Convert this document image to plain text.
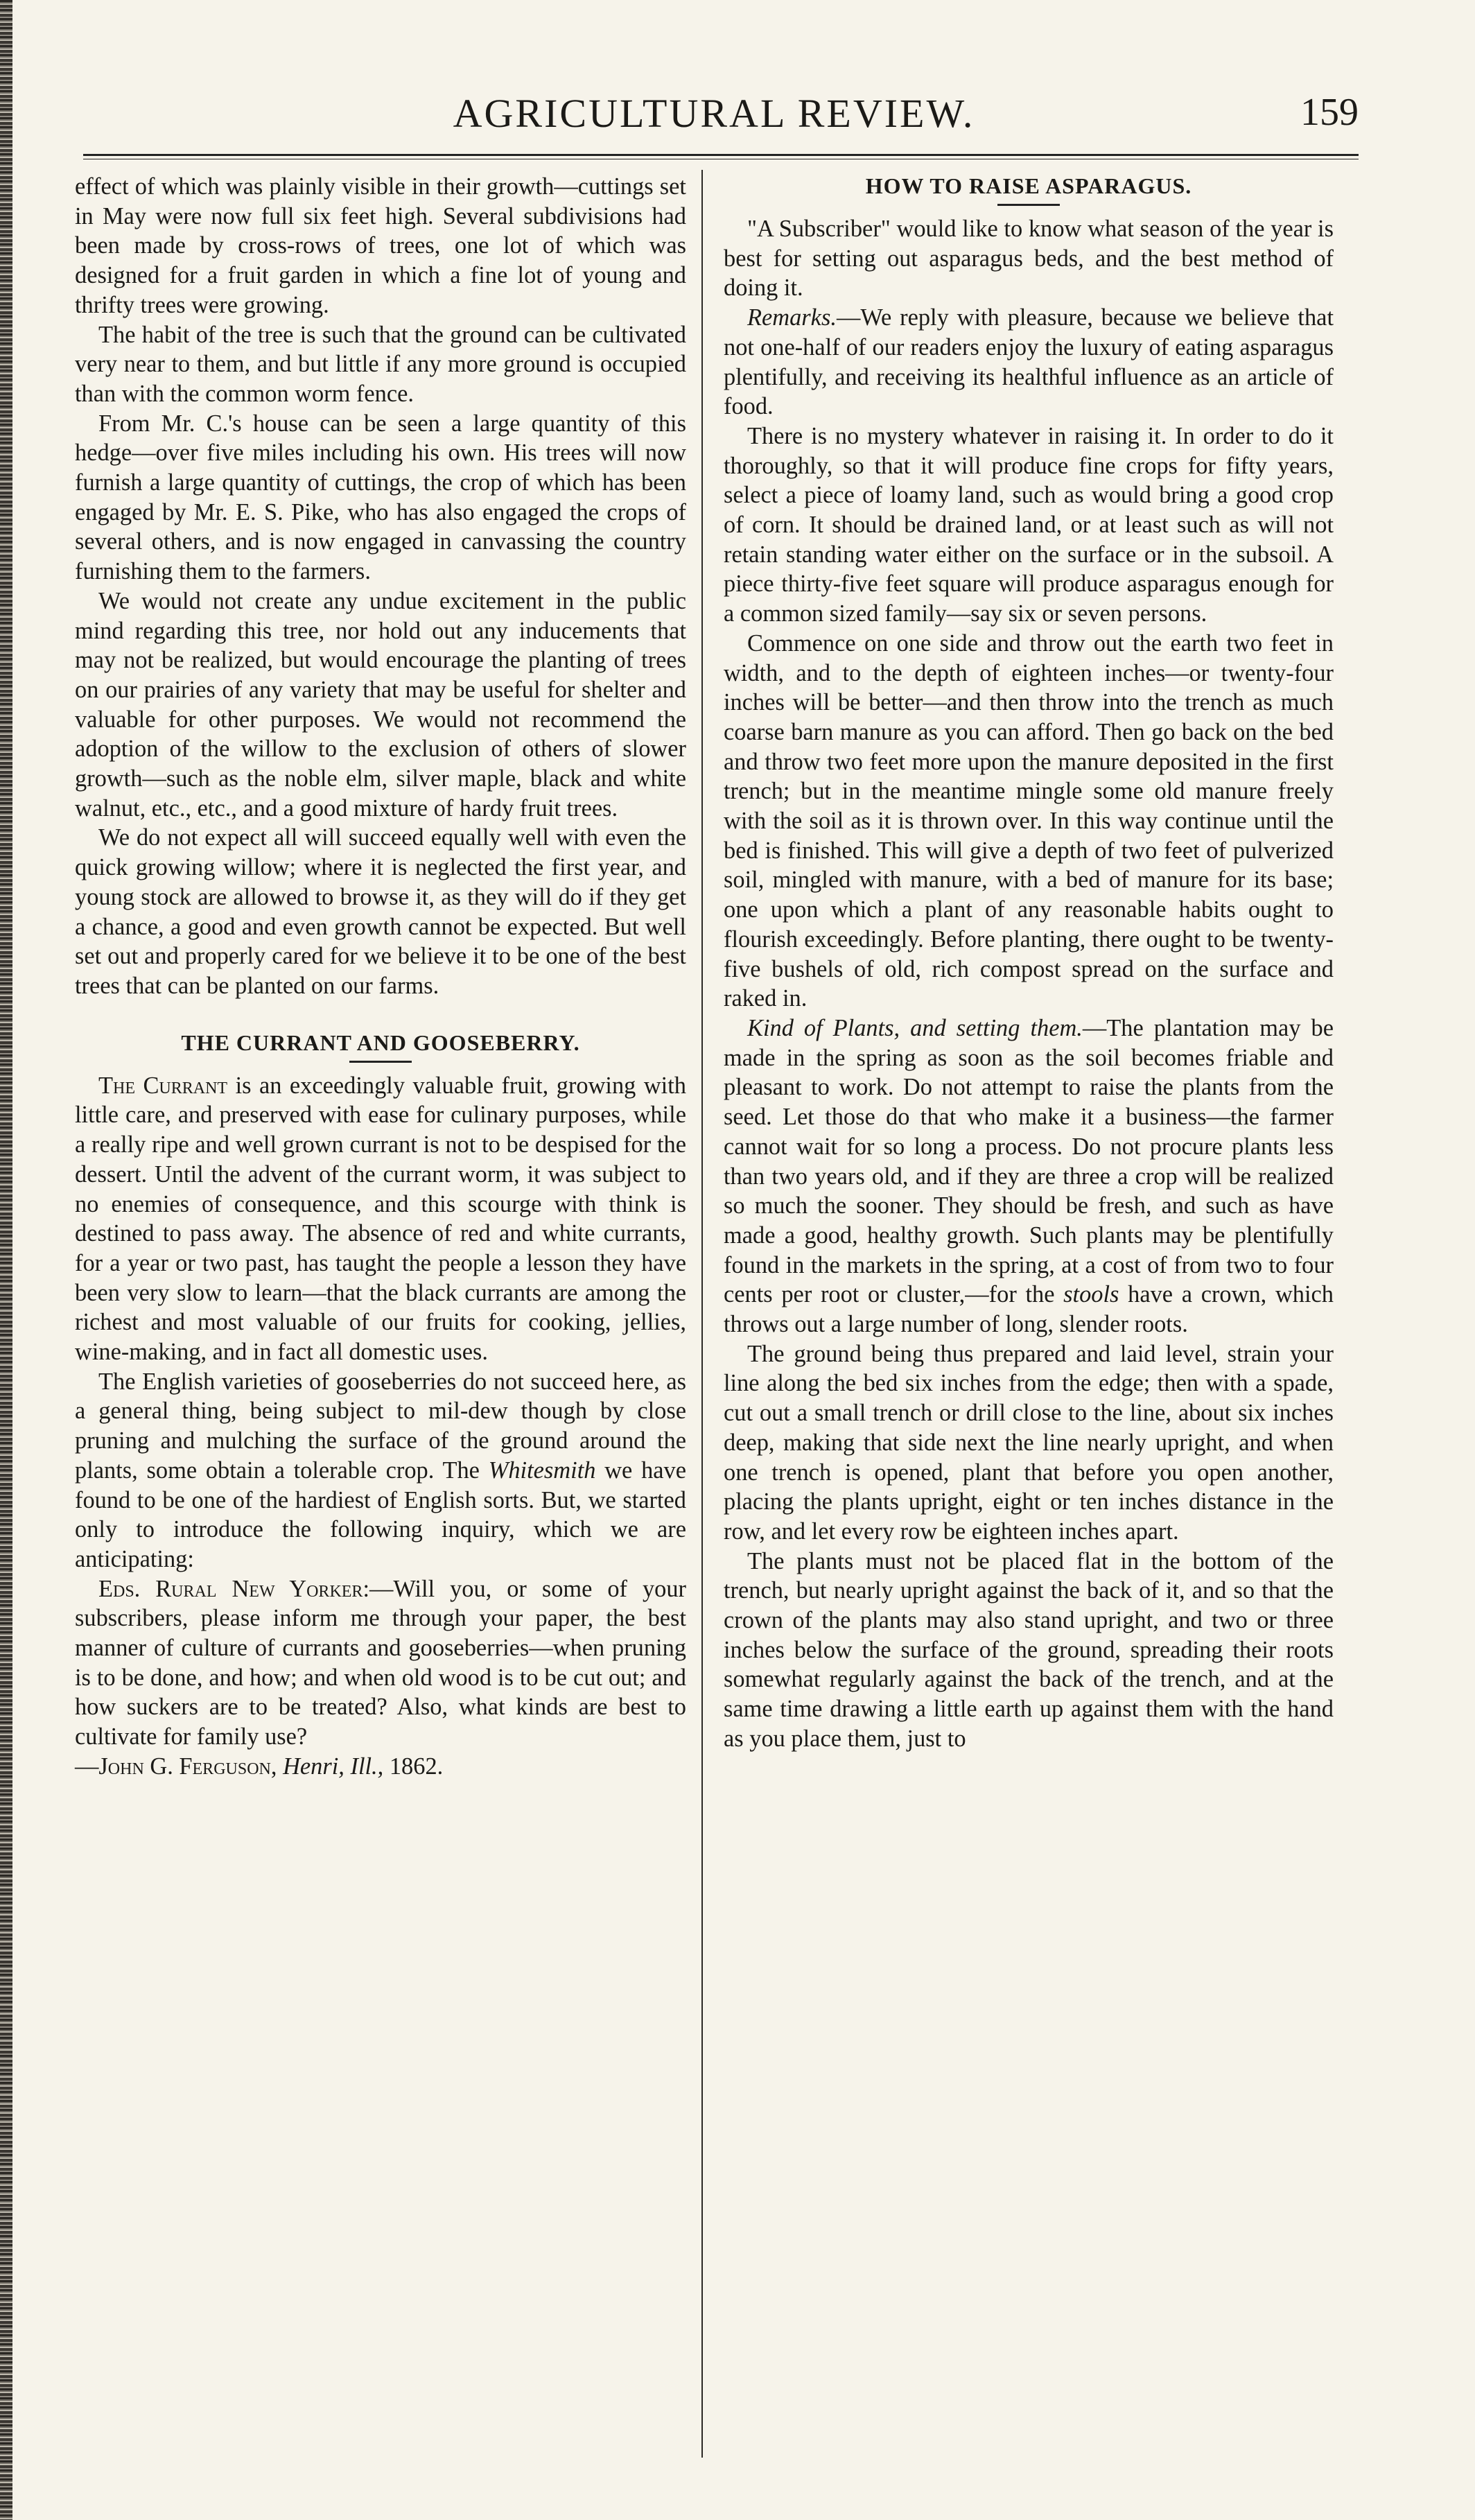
AGRICULTURAL REVIEW.	159

effect of which was plainly visible in their growth—cuttings set in May were now full six feet high. Several subdivisions had been made by cross-rows of trees, one lot of which was designed for a fruit garden in which a fine lot of young and thrifty trees were growing.

The habit of the tree is such that the ground can be cultivated very near to them, and but little if any more ground is occupied than with the common worm fence.

From Mr. C.'s house can be seen a large quantity of this hedge—over five miles including his own. His trees will now furnish a large quantity of cuttings, the crop of which has been engaged by Mr. E. S. Pike, who has also engaged the crops of several others, and is now engaged in canvassing the country furnishing them to the farmers.

We would not create any undue excitement in the public mind regarding this tree, nor hold out any inducements that may not be realized, but would encourage the planting of trees on our prairies of any variety that may be useful for shelter and valuable for other purposes. We would not recommend the adoption of the willow to the exclusion of others of slower growth—such as the noble elm, silver maple, black and white walnut, etc., etc., and a good mixture of hardy fruit trees.

We do not expect all will succeed equally well with even the quick growing willow; where it is neglected the first year, and young stock are allowed to browse it, as they will do if they get a chance, a good and even growth cannot be expected. But well set out and properly cared for we believe it to be one of the best trees that can be planted on our farms.

THE CURRANT AND GOOSEBERRY.

The Currant is an exceedingly valuable fruit, growing with little care, and preserved with ease for culinary purposes, while a really ripe and well grown currant is not to be despised for the dessert. Until the advent of the currant worm, it was subject to no enemies of consequence, and this scourge with think is destined to pass away. The absence of red and white currants, for a year or two past, has taught the people a lesson they have been very slow to learn—that the black currants are among the richest and most valuable of our fruits for cooking, jellies, wine-making, and in fact all domestic uses.

The English varieties of gooseberries do not succeed here, as a general thing, being subject to mil-dew though by close pruning and mulching the surface of the ground around the plants, some obtain a tolerable crop. The Whitesmith we have found to be one of the hardiest of English sorts. But, we started only to introduce the following inquiry, which we are anticipating:

Eds. Rural New Yorker:—Will you, or some of your subscribers, please inform me through your paper, the best manner of culture of currants and gooseberries—when pruning is to be done, and how; and when old wood is to be cut out; and how suckers are to be treated? Also, what kinds are best to cultivate for family use?

—John G. Ferguson, Henri, Ill., 1862.

HOW TO RAISE ASPARAGUS.

"A Subscriber" would like to know what season of the year is best for setting out asparagus beds, and the best method of doing it.

Remarks.—We reply with pleasure, because we believe that not one-half of our readers enjoy the luxury of eating asparagus plentifully, and receiving its healthful influence as an article of food.

There is no mystery whatever in raising it. In order to do it thoroughly, so that it will produce fine crops for fifty years, select a piece of loamy land, such as would bring a good crop of corn. It should be drained land, or at least such as will not retain standing water either on the surface or in the subsoil. A piece thirty-five feet square will produce asparagus enough for a common sized family—say six or seven persons.

Commence on one side and throw out the earth two feet in width, and to the depth of eighteen inches—or twenty-four inches will be better—and then throw into the trench as much coarse barn manure as you can afford. Then go back on the bed and throw two feet more upon the manure deposited in the first trench; but in the meantime mingle some old manure freely with the soil as it is thrown over. In this way continue until the bed is finished. This will give a depth of two feet of pulverized soil, mingled with manure, with a bed of manure for its base; one upon which a plant of any reasonable habits ought to flourish exceedingly. Before planting, there ought to be twenty-five bushels of old, rich compost spread on the surface and raked in.

Kind of Plants, and setting them.—The plantation may be made in the spring as soon as the soil becomes friable and pleasant to work. Do not attempt to raise the plants from the seed. Let those do that who make it a business—the farmer cannot wait for so long a process. Do not procure plants less than two years old, and if they are three a crop will be realized so much the sooner. They should be fresh, and such as have made a good, healthy growth. Such plants may be plentifully found in the markets in the spring, at a cost of from two to four cents per root or cluster,—for the stools have a crown, which throws out a large number of long, slender roots.

The ground being thus prepared and laid level, strain your line along the bed six inches from the edge; then with a spade, cut out a small trench or drill close to the line, about six inches deep, making that side next the line nearly upright, and when one trench is opened, plant that before you open another, placing the plants upright, eight or ten inches distance in the row, and let every row be eighteen inches apart.

The plants must not be placed flat in the bottom of the trench, but nearly upright against the back of it, and so that the crown of the plants may also stand upright, and two or three inches below the surface of the ground, spreading their roots somewhat regularly against the back of the trench, and at the same time drawing a little earth up against them with the hand as you place them, just to
